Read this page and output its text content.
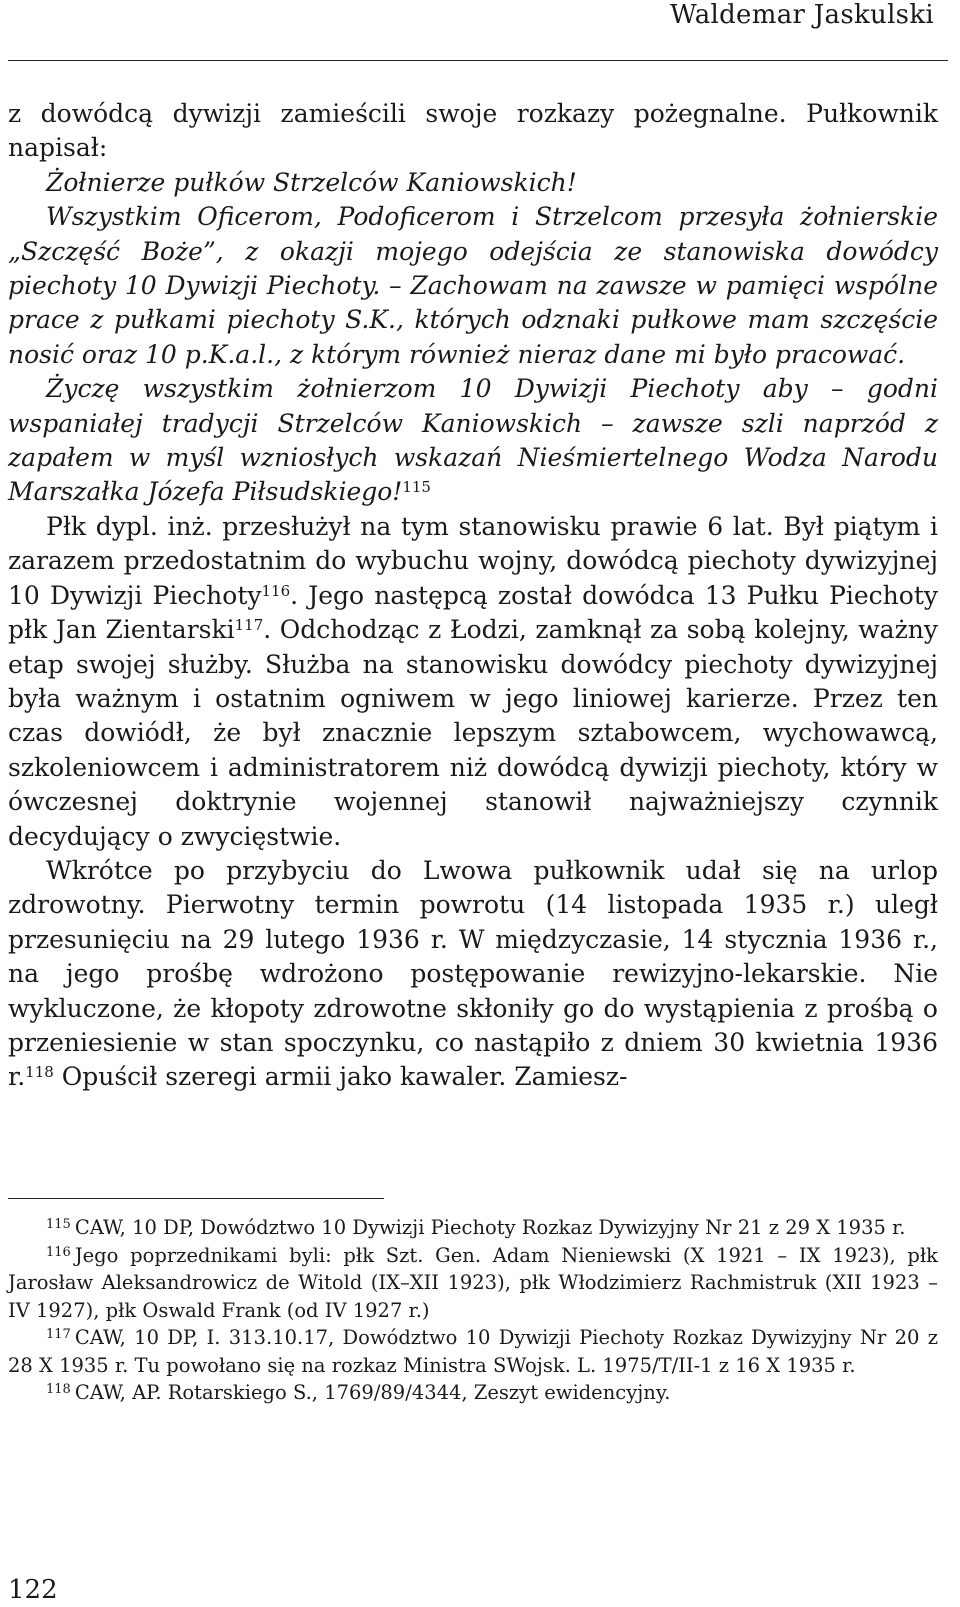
Waldemar Jaskulski

z dowódcą dywizji zamieścili swoje rozkazy pożegnalne. Pułkownik napisał:

Żołnierze pułków Strzelców Kaniowskich!

Wszystkim Oficerom, Podoficerom i Strzelcom przesyła żołnierskie „Szczęść Boże”, z okazji mojego odejścia ze stanowiska dowódcy piechoty 10 Dywizji Piechoty. – Zachowam na zawsze w pamięci wspólne prace z pułkami piechoty S.K., których odznaki pułkowe mam szczęście nosić oraz 10 p.K.a.l., z którym również nieraz dane mi było pracować.

Życzę wszystkim żołnierzom 10 Dywizji Piechoty aby – godni wspaniałej tradycji Strzelców Kaniowskich – zawsze szli naprzód z zapałem w myśl wzniosłych wskazań Nieśmiertelnego Wodza Narodu Marszałka Józefa Piłsudskiego!$^{115}$

Płk dypl. inż. przesłużył na tym stanowisku prawie 6 lat. Był piątym i zarazem przedostatnim do wybuchu wojny, dowódcą piechoty dywizyjnej 10 Dywizji Piechoty$^{116}$. Jego następcą został dowódca 13 Pułku Piechoty płk Jan Zientarski$^{117}$. Odchodząc z Łodzi, zamknął za sobą kolejny, ważny etap swojej służby. Służba na stanowisku dowódcy piechoty dywizyjnej była ważnym i ostatnim ogniwem w jego liniowej karierze. Przez ten czas dowiódł, że był znacznie lepszym sztabowcem, wychowawcą, szkoleniowcem i administratorem niż dowódcą dywizji piechoty, który w ówczesnej doktrynie wojennej stanowił najważniejszy czynnik decydujący o zwycięstwie.

Wkrótce po przybyciu do Lwowa pułkownik udał się na urlop zdrowotny. Pierwotny termin powrotu (14 listopada 1935 r.) uległ przesunięciu na 29 lutego 1936 r. W międzyczasie, 14 stycznia 1936 r., na jego prośbę wdrożono postępowanie rewizyjno-lekarskie. Nie wykluczone, że kłopoty zdrowotne skłoniły go do wystąpienia z prośbą o przeniesienie w stan spoczynku, co nastąpiło z dniem 30 kwietnia 1936 r.$^{118}$ Opuścił szeregi armii jako kawaler. Zamiesz-

$^{115}$ CAW, 10 DP, Dowództwo 10 Dywizji Piechoty Rozkaz Dywizyjny Nr 21 z 29 X 1935 r.

$^{116}$ Jego poprzednikami byli: płk Szt. Gen. Adam Nieniewski (X 1921 – IX 1923), płk Jarosław Aleksandrowicz de Witold (IX–XII 1923), płk Włodzimierz Rachmistruk (XII 1923 – IV 1927), płk Oswald Frank (od IV 1927 r.)

$^{117}$ CAW, 10 DP, I. 313.10.17, Dowództwo 10 Dywizji Piechoty Rozkaz Dywizyjny Nr 20 z 28 X 1935 r. Tu powołano się na rozkaz Ministra SWojsk. L. 1975/T/II-1 z 16 X 1935 r.

$^{118}$ CAW, AP. Rotarskiego S., 1769/89/4344, Zeszyt ewidencyjny.

122
